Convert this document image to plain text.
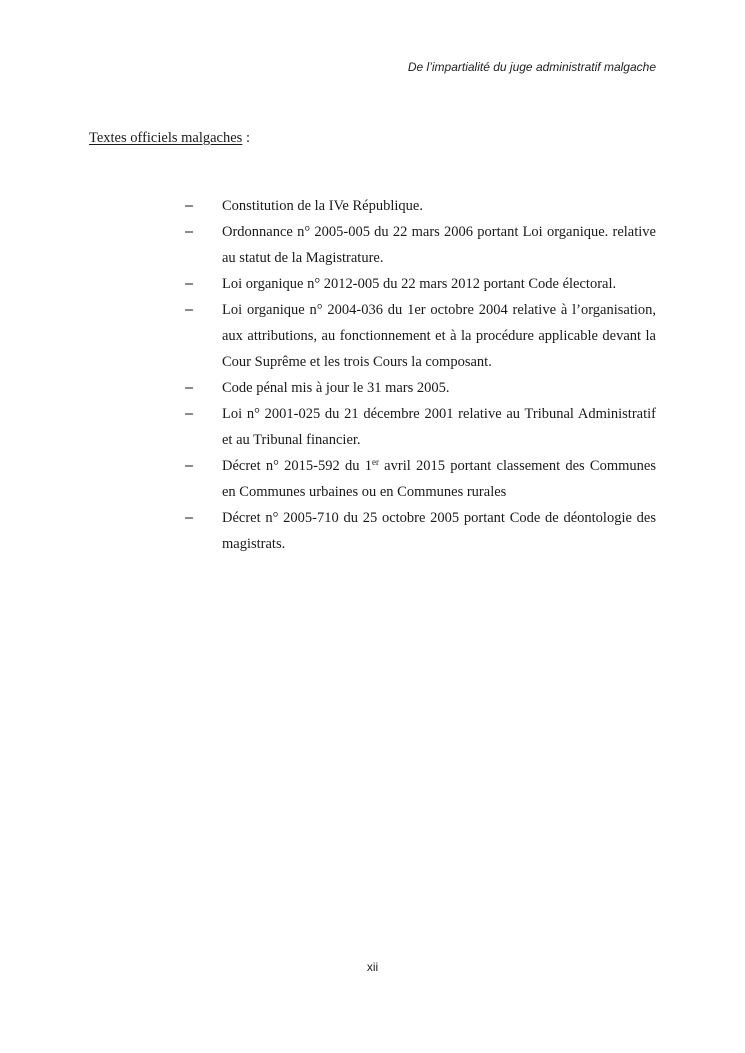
De l’impartialité du juge administratif malgache
Textes officiels malgaches :
– Constitution de la IVe République.
– Ordonnance n° 2005-005 du 22 mars 2006 portant Loi organique. relative au statut de la Magistrature.
– Loi organique n° 2012-005 du 22 mars 2012 portant Code électoral.
– Loi organique n° 2004-036 du 1er octobre 2004 relative à l’organisation, aux attributions, au fonctionnement et à la procédure applicable devant la Cour Suprême et les trois Cours la composant.
– Code pénal mis à jour le 31 mars 2005.
– Loi n° 2001-025 du 21 décembre 2001 relative au Tribunal Administratif et au Tribunal financier.
– Décret n° 2015-592 du 1er avril 2015 portant classement des Communes en Communes urbaines ou en Communes rurales
– Décret n° 2005-710 du 25 octobre 2005 portant Code de déontologie des magistrats.
xii
